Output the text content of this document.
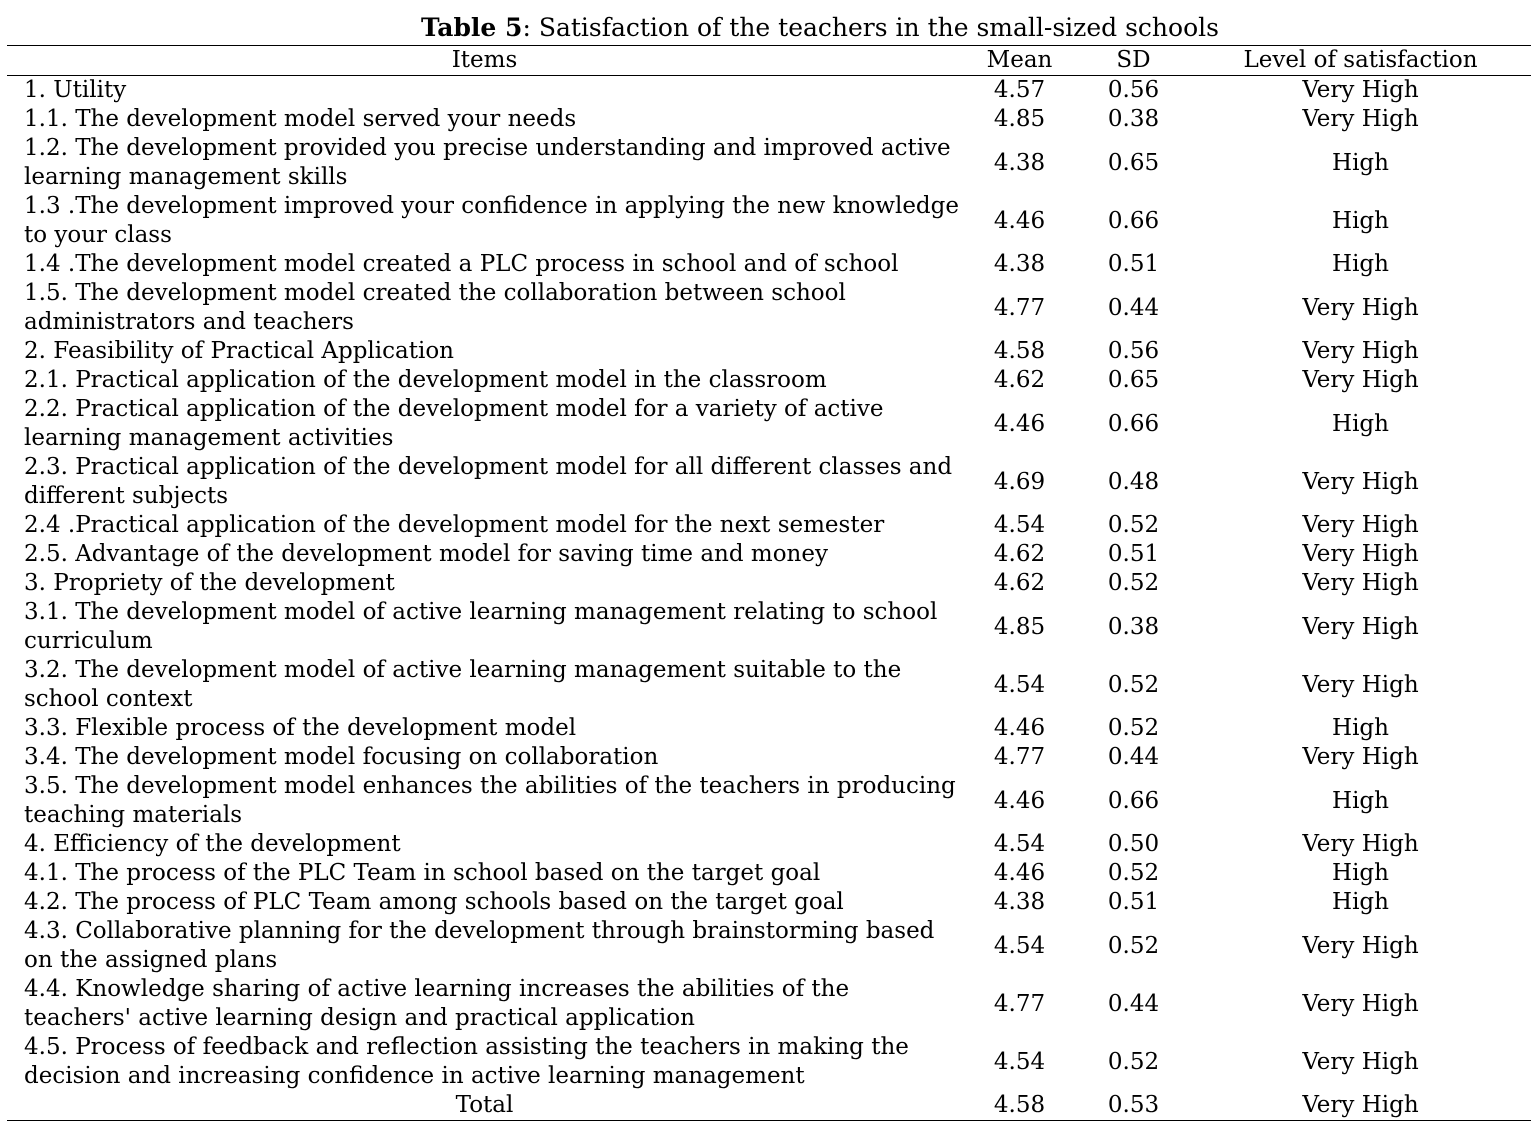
Table 5: Satisfaction of the teachers in the small-sized schools
Items	Mean	SD	Level of satisfaction

1. Utility	4.57	0.56	Very High

1.1. The development model served your needs	4.85	0.38	Very High

1.2. The development provided you precise understanding and improved active learning management skills	4.38	0.65	High

1.3 .The development improved your confidence in applying the new knowledge to your class	4.46	0.66	High

1.4 .The development model created a PLC process in school and of school	4.38	0.51	High

1.5. The development model created the collaboration between school administrators and teachers	4.77	0.44	Very High

2. Feasibility of Practical Application	4.58	0.56	Very High

2.1. Practical application of the development model in the classroom	4.62	0.65	Very High

2.2. Practical application of the development model for a variety of active learning management activities	4.46	0.66	High

2.3. Practical application of the development model for all different classes and different subjects	4.69	0.48	Very High

2.4 .Practical application of the development model for the next semester	4.54	0.52	Very High

2.5. Advantage of the development model for saving time and money	4.62	0.51	Very High

3. Propriety of the development	4.62	0.52	Very High

3.1. The development model of active learning management relating to school curriculum	4.85	0.38	Very High

3.2. The development model of active learning management suitable to the school context	4.54	0.52	Very High

3.3. Flexible process of the development model	4.46	0.52	High

3.4. The development model focusing on collaboration	4.77	0.44	Very High

3.5. The development model enhances the abilities of the teachers in producing teaching materials	4.46	0.66	High

4. Efficiency of the development	4.54	0.50	Very High

4.1. The process of the PLC Team in school based on the target goal	4.46	0.52	High

4.2. The process of PLC Team among schools based on the target goal	4.38	0.51	High

4.3. Collaborative planning for the development through brainstorming based on the assigned plans	4.54	0.52	Very High

4.4. Knowledge sharing of active learning increases the abilities of the teachers' active learning design and practical application	4.77	0.44	Very High

4.5. Process of feedback and reflection assisting the teachers in making the decision and increasing confidence in active learning management	4.54	0.52	Very High
Total	4.58	0.53	Very High
